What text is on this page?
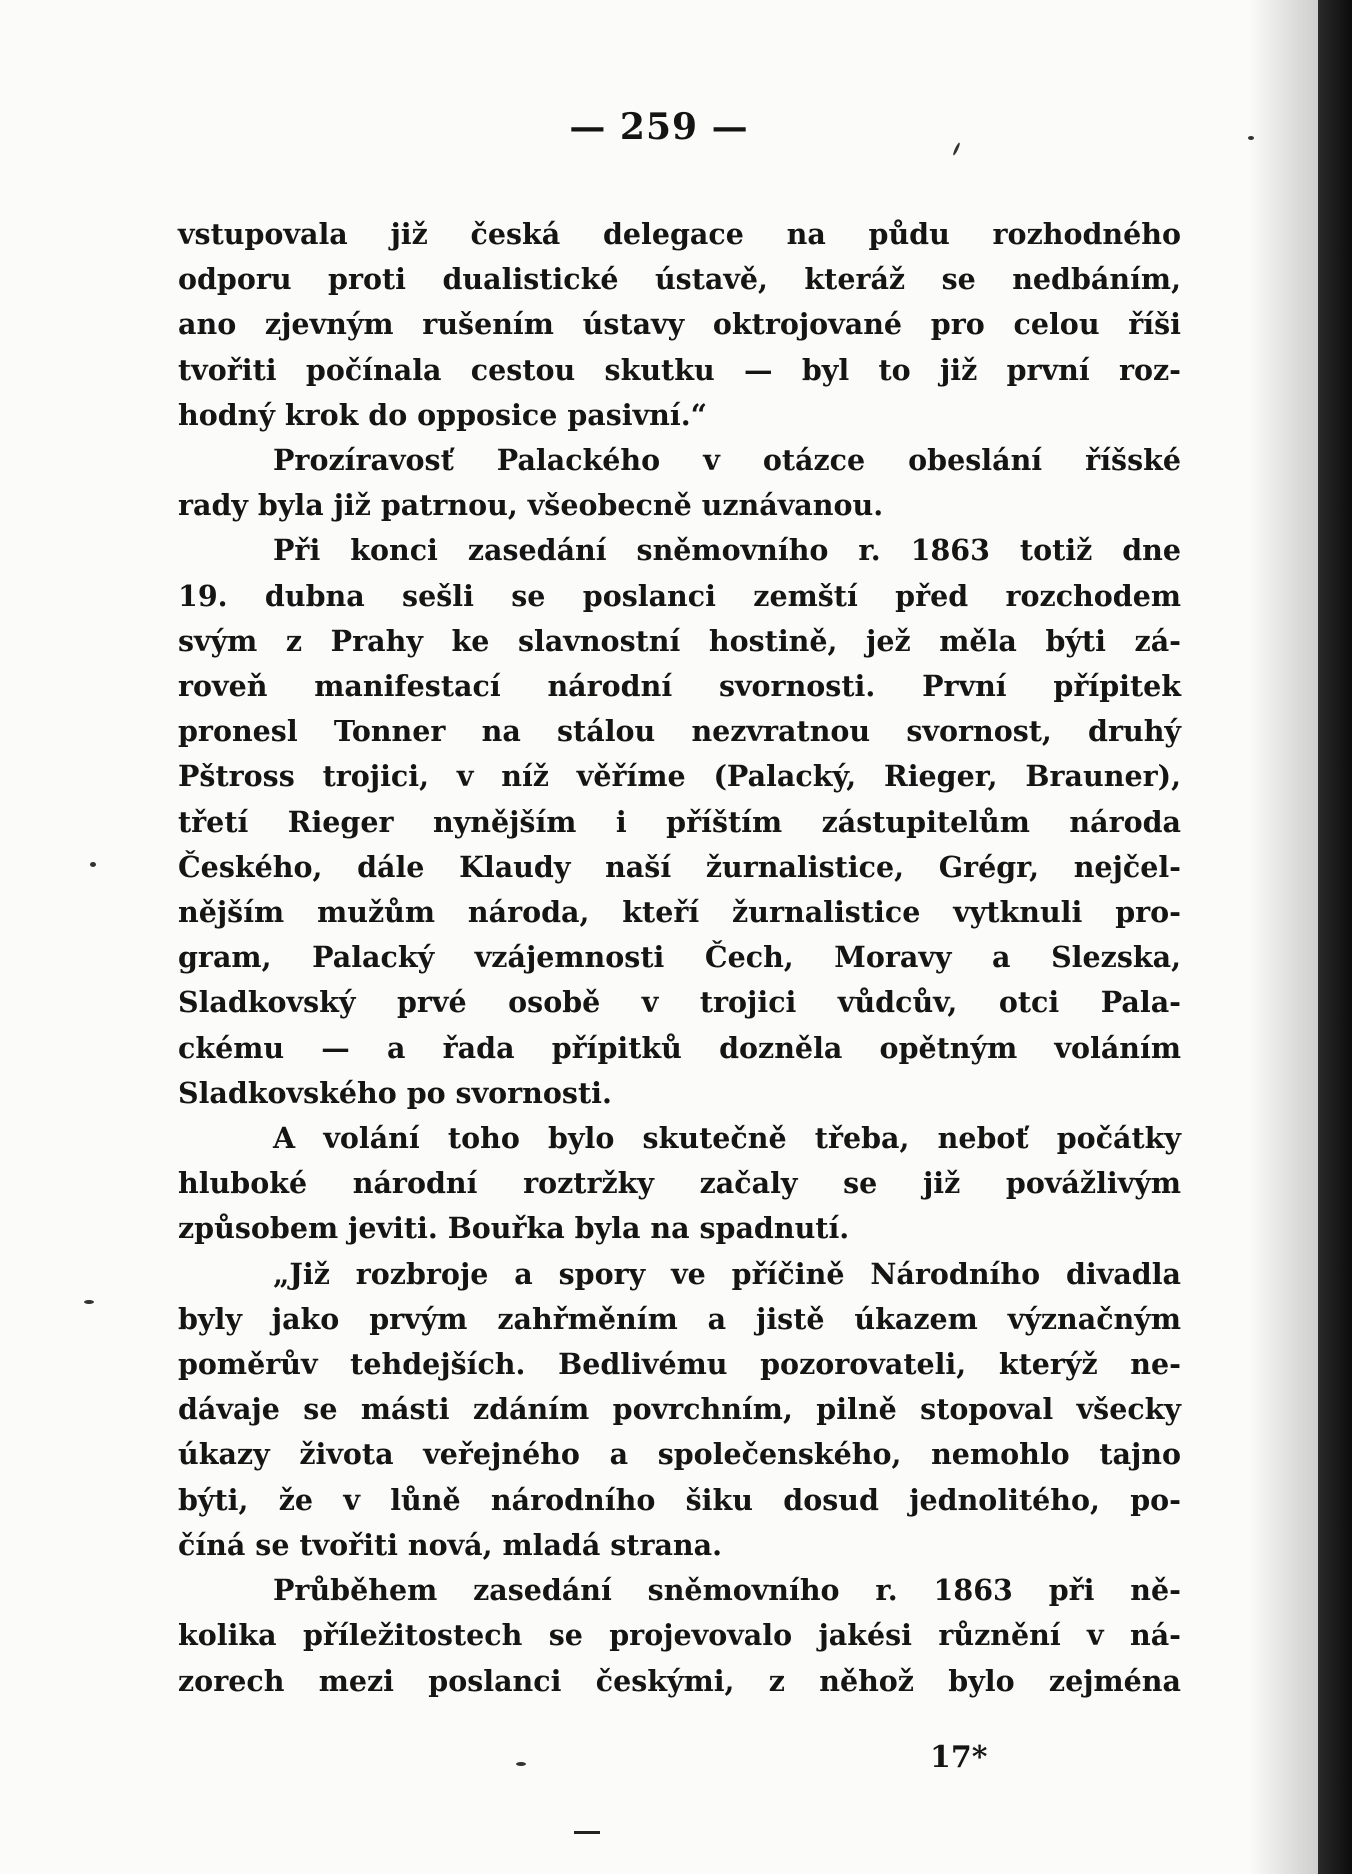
— 259 —
vstupovala již česká delegace na půdu rozhodného
odporu proti dualistické ústavě, kteráž se nedbáním,
ano zjevným rušením ústavy oktrojované pro celou říši
tvořiti počínala cestou skutku — byl to již první roz-
hodný krok do opposice pasivní.“
Prozíravosť Palackého v otázce obeslání říšské
rady byla již patrnou, všeobecně uznávanou.
Při konci zasedání sněmovního r. 1863 totiž dne
19. dubna sešli se poslanci zemští před rozchodem
svým z Prahy ke slavnostní hostině, jež měla býti zá-
roveň manifestací národní svornosti. První přípitek
pronesl Tonner na stálou nezvratnou svornost, druhý
Pštross trojici, v níž věříme (Palacký, Rieger, Brauner),
třetí Rieger nynějším i příštím zástupitelům národa
Českého, dále Klaudy naší žurnalistice, Grégr, nejčel-
nějším mužům národa, kteří žurnalistice vytknuli pro-
gram, Palacký vzájemnosti Čech, Moravy a Slezska,
Sladkovský prvé osobě v trojici vůdcův, otci Pala-
ckému — a řada přípitků dozněla opětným voláním
Sladkovského po svornosti.
A volání toho bylo skutečně třeba, neboť počátky
hluboké národní roztržky začaly se již povážlivým
způsobem jeviti. Bouřka byla na spadnutí.
„Již rozbroje a spory ve příčině Národního divadla
byly jako prvým zahřměním a jistě úkazem význačným
poměrův tehdejších. Bedlivému pozorovateli, kterýž ne-
dávaje se másti zdáním povrchním, pilně stopoval všecky
úkazy života veřejného a společenského, nemohlo tajno
býti, že v lůně národního šiku dosud jednolitého, po-
číná se tvořiti nová, mladá strana.
Průběhem zasedání sněmovního r. 1863 při ně-
kolika příležitostech se projevovalo jakési různění v ná-
zorech mezi poslanci českými, z něhož bylo zejména
17*
